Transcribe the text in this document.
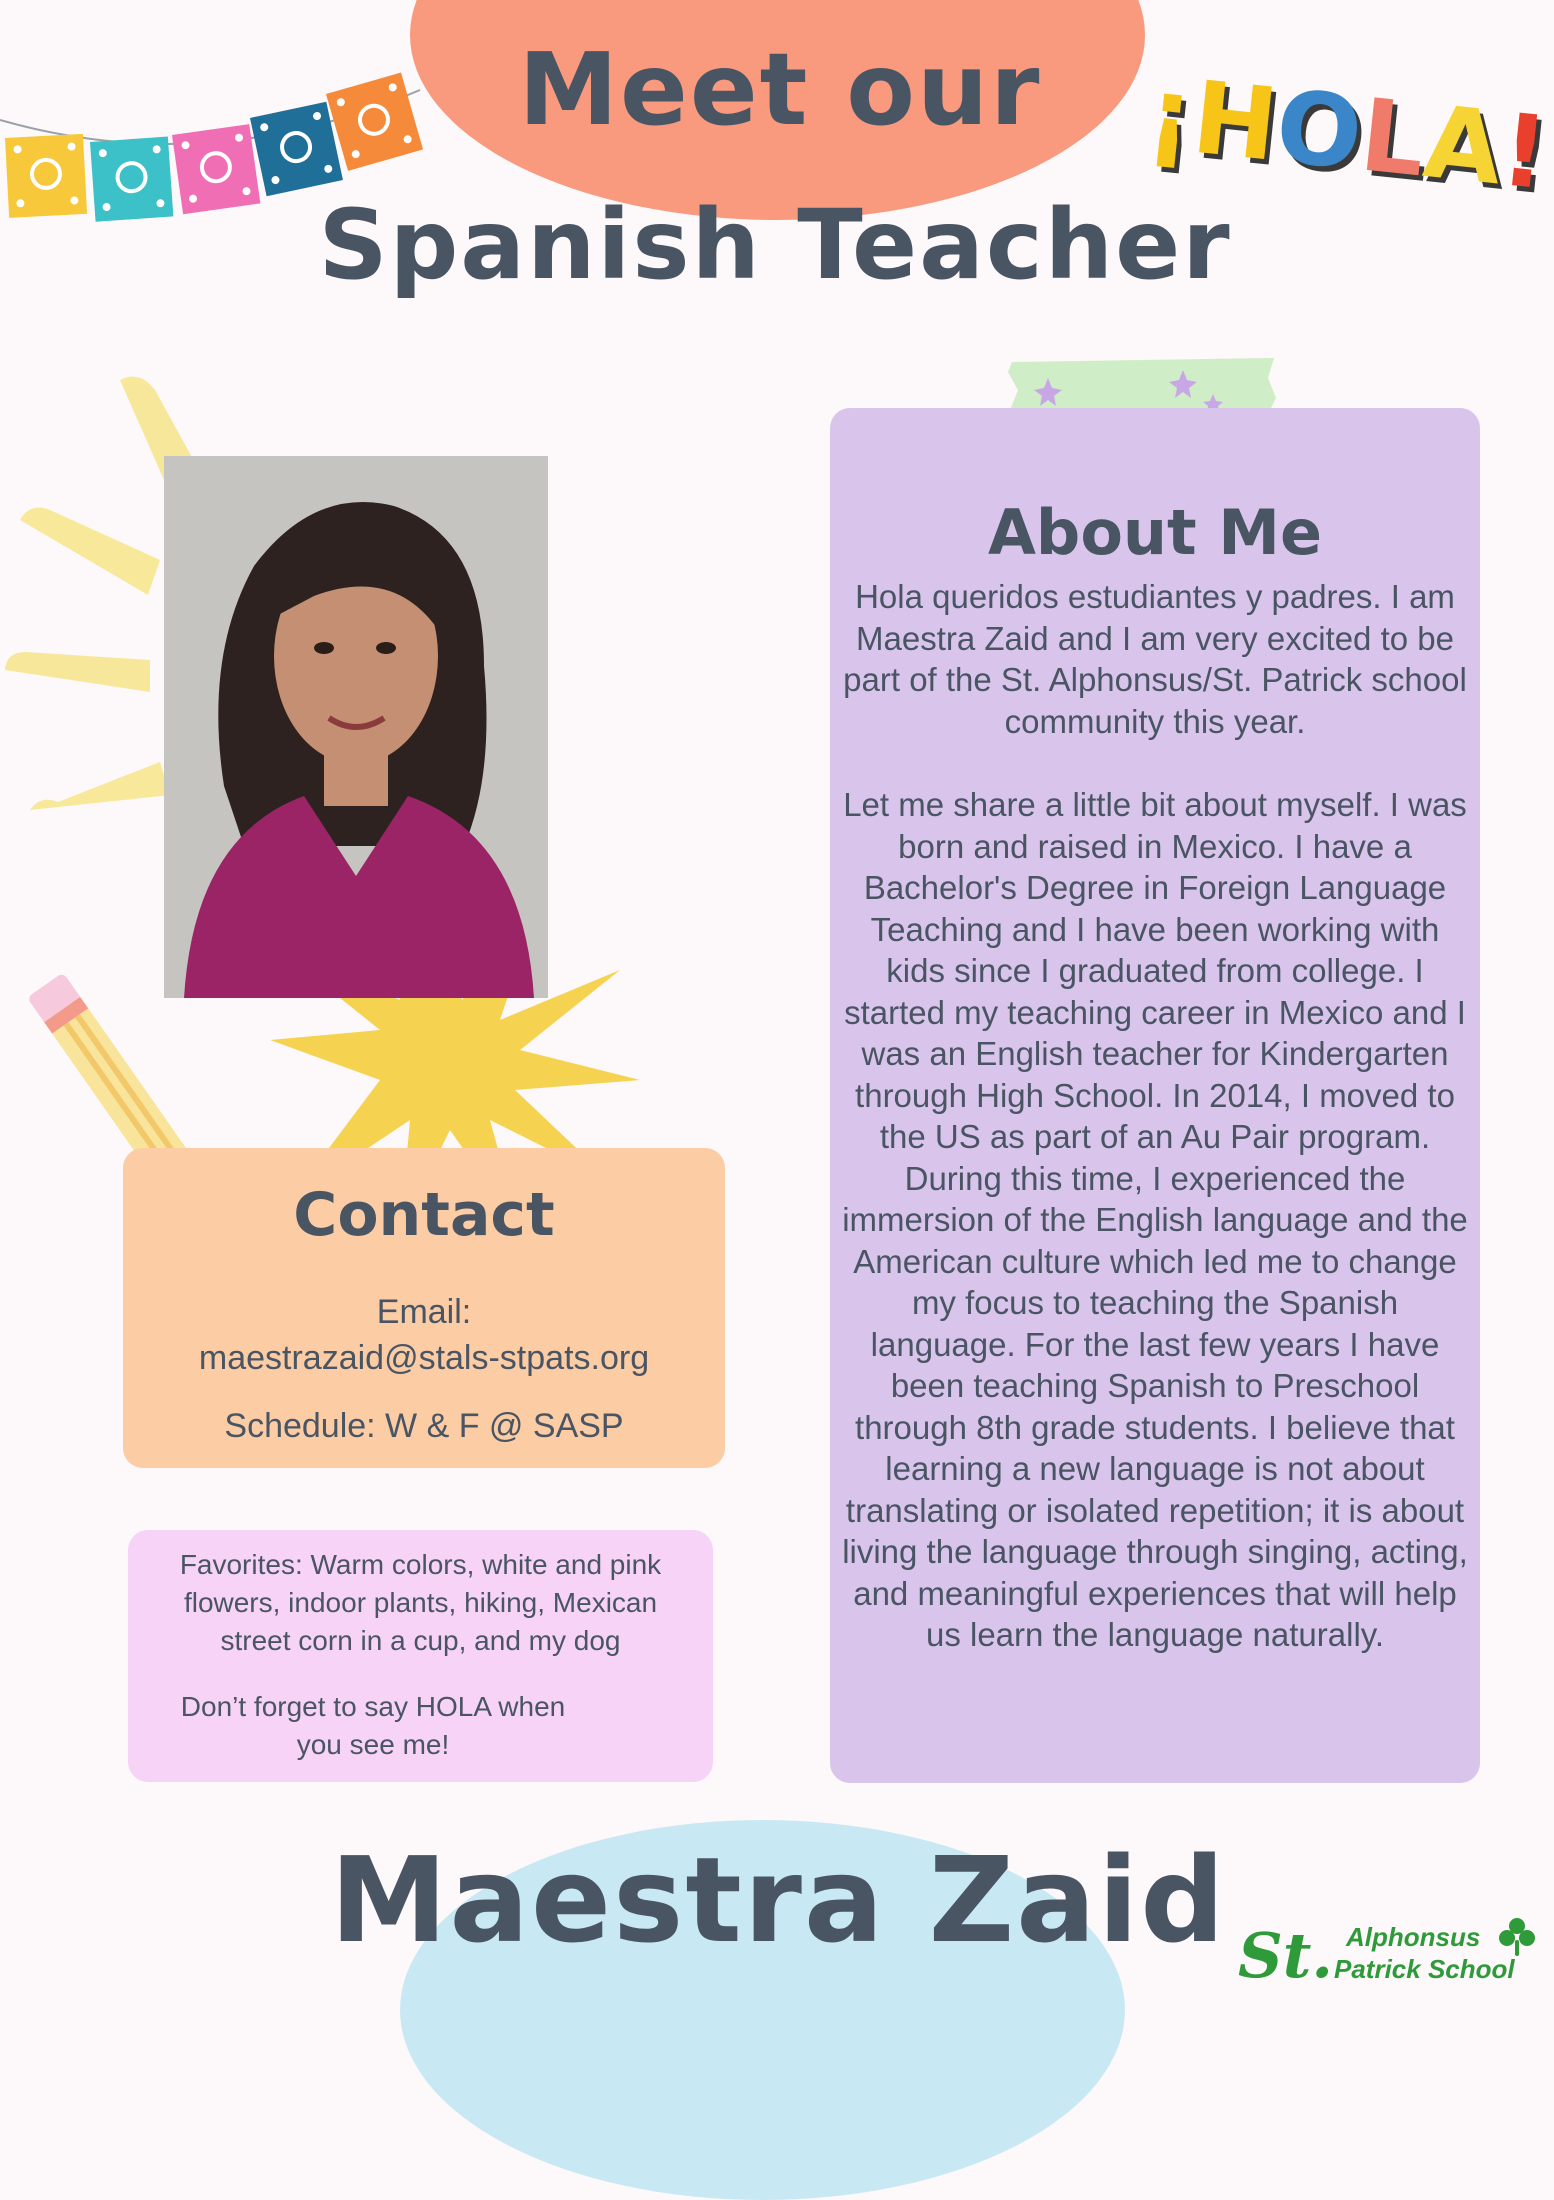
Meet our
Spanish Teacher
¡HOLA!
Contact
Email:
maestrazaid@stals-stpats.org
Schedule: W & F @ SASP
Favorites: Warm colors, white and pink flowers, indoor plants, hiking, Mexican street corn in a cup, and my dog
Don’t forget to say HOLA when you see me!
About Me
Hola queridos estudiantes y padres. I am Maestra Zaid and I am very excited to be part of the St. Alphonsus/St. Patrick school community this year.
Let me share a little bit about myself. I was born and raised in Mexico. I have a Bachelor's Degree in Foreign Language Teaching and I have been working with kids since I graduated from college. I started my teaching career in Mexico and I was an English teacher for Kindergarten through High School. In 2014, I moved to the US as part of an Au Pair program. During this time, I experienced the immersion of the English language and the American culture which led me to change my focus to teaching the Spanish language. For the last few years I have been teaching Spanish to Preschool through 8th grade students. I believe that learning a new language is not about translating or isolated repetition; it is about living the language through singing, acting, and meaningful experiences that will help us learn the language naturally.
Maestra Zaid St. Alphonsus
Patrick School
